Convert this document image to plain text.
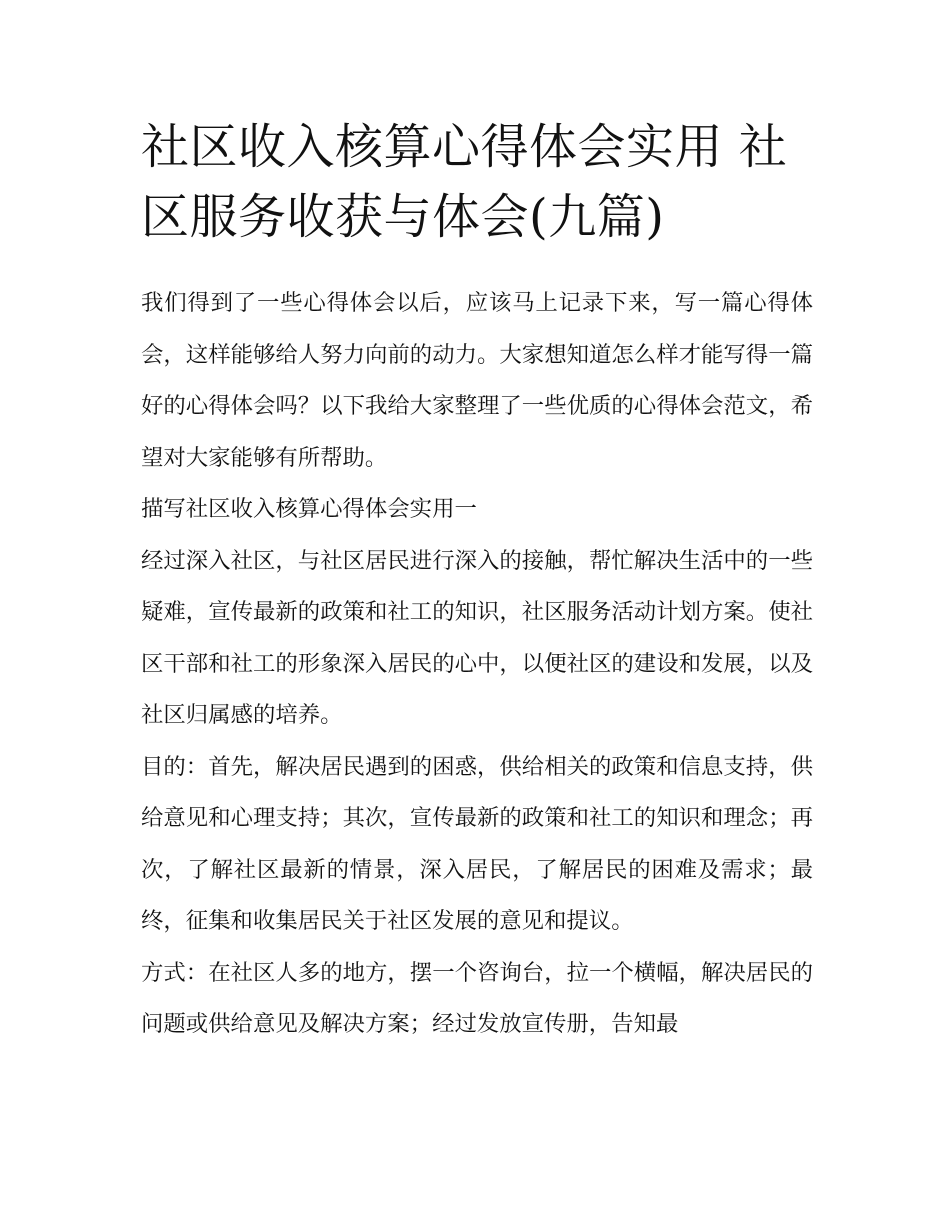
社区收入核算心得体会实用 社区服务收获与体会(九篇)

我们得到了一些心得体会以后，应该马上记录下来，写一篇心得体会，这样能够给人努力向前的动力。大家想知道怎么样才能写得一篇好的心得体会吗？以下我给大家整理了一些优质的心得体会范文，希望对大家能够有所帮助。

描写社区收入核算心得体会实用一

经过深入社区，与社区居民进行深入的接触，帮忙解决生活中的一些疑难，宣传最新的政策和社工的知识，社区服务活动计划方案。使社区干部和社工的形象深入居民的心中，以便社区的建设和发展，以及社区归属感的培养。

目的：首先，解决居民遇到的困惑，供给相关的政策和信息支持，供给意见和心理支持；其次，宣传最新的政策和社工的知识和理念；再次，了解社区最新的情景，深入居民，了解居民的困难及需求；最终，征集和收集居民关于社区发展的意见和提议。

方式：在社区人多的地方，摆一个咨询台，拉一个横幅，解决居民的问题或供给意见及解决方案；经过发放宣传册，告知最
